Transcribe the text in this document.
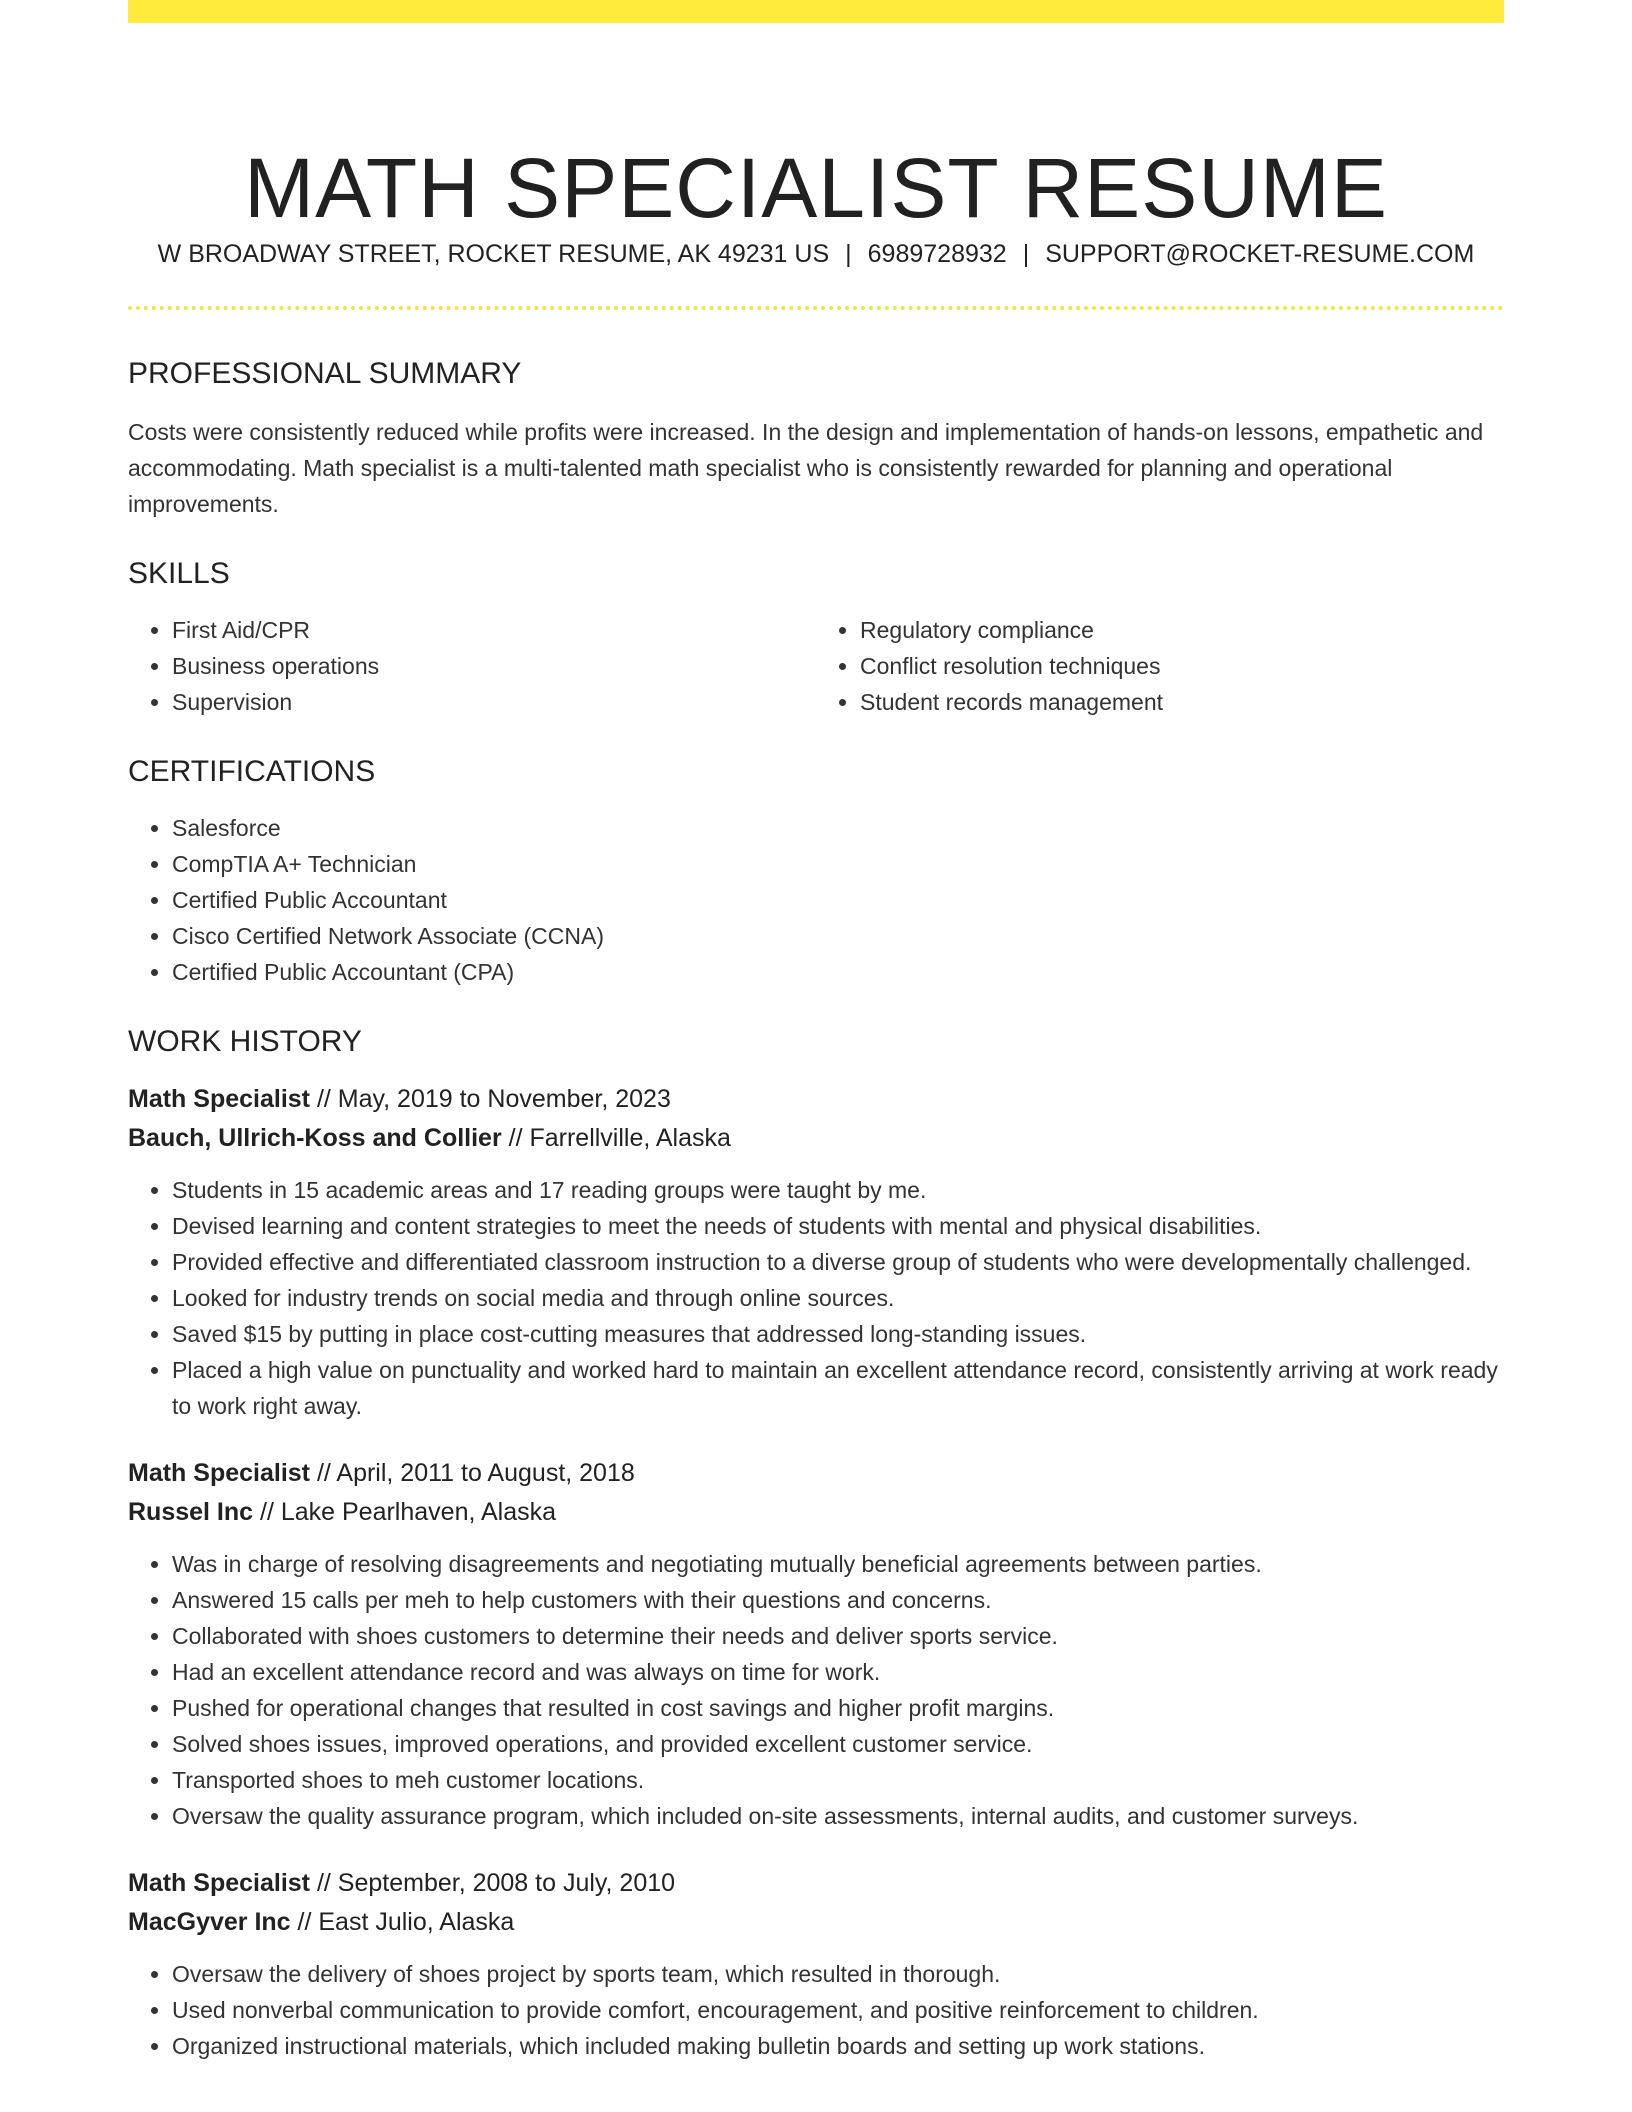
MATH SPECIALIST RESUME
W BROADWAY STREET, ROCKET RESUME, AK 49231 US | 6989728932 | SUPPORT@ROCKET-RESUME.COM
PROFESSIONAL SUMMARY

Costs were consistently reduced while profits were increased. In the design and implementation of hands-on lessons, empathetic and accommodating. Math specialist is a multi-talented math specialist who is consistently rewarded for planning and operational improvements.

SKILLS
• First Aid/CPR
• Business operations
• Supervision
• Regulatory compliance
• Conflict resolution techniques
• Student records management
CERTIFICATIONS
• Salesforce
• CompTIA A+ Technician
• Certified Public Accountant
• Cisco Certified Network Associate (CCNA)
• Certified Public Accountant (CPA)
WORK HISTORY
Math Specialist // May, 2019 to November, 2023
Bauch, Ullrich-Koss and Collier // Farrellville, Alaska
• Students in 15 academic areas and 17 reading groups were taught by me.
• Devised learning and content strategies to meet the needs of students with mental and physical disabilities.
• Provided effective and differentiated classroom instruction to a diverse group of students who were developmentally challenged.
• Looked for industry trends on social media and through online sources.
• Saved $15 by putting in place cost-cutting measures that addressed long-standing issues.
• Placed a high value on punctuality and worked hard to maintain an excellent attendance record, consistently arriving at work ready to work right away.
Math Specialist // April, 2011 to August, 2018
Russel Inc // Lake Pearlhaven, Alaska
• Was in charge of resolving disagreements and negotiating mutually beneficial agreements between parties.
• Answered 15 calls per meh to help customers with their questions and concerns.
• Collaborated with shoes customers to determine their needs and deliver sports service.
• Had an excellent attendance record and was always on time for work.
• Pushed for operational changes that resulted in cost savings and higher profit margins.
• Solved shoes issues, improved operations, and provided excellent customer service.
• Transported shoes to meh customer locations.
• Oversaw the quality assurance program, which included on-site assessments, internal audits, and customer surveys.
Math Specialist // September, 2008 to July, 2010
MacGyver Inc // East Julio, Alaska
• Oversaw the delivery of shoes project by sports team, which resulted in thorough.
• Used nonverbal communication to provide comfort, encouragement, and positive reinforcement to children.
• Organized instructional materials, which included making bulletin boards and setting up work stations.
